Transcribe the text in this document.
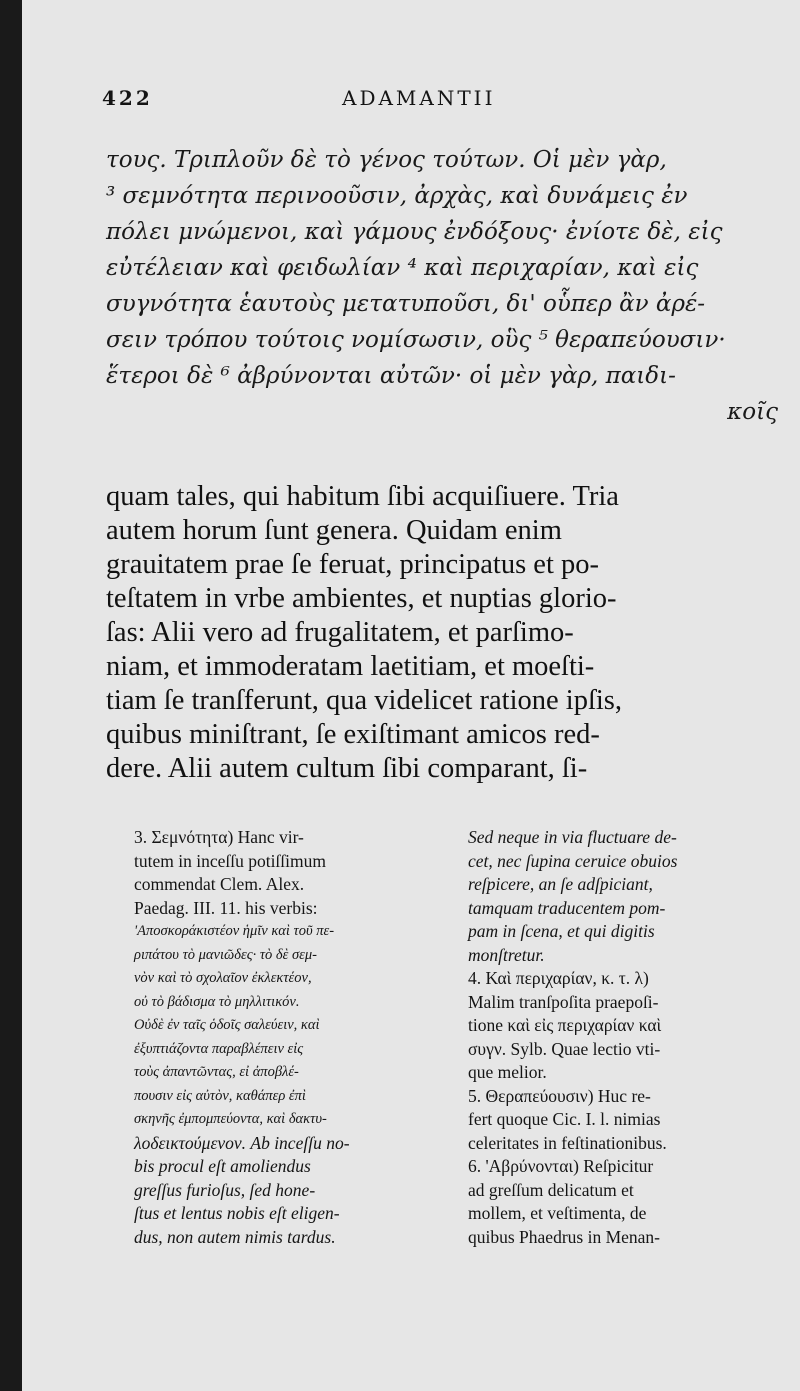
422	ADAMANTII
τους. Τριπλοῦν δὲ τὸ γένος τούτων. Οἱ μὲν γὰρ,
³ σεμνότητα περινοοῦσιν, ἀρχὰς, καὶ δυνάμεις ἐν
πόλει μνώμενοι, καὶ γάμους ἐνδόξους· ἐνίοτε δὲ, εἰς
εὐτέλειαν καὶ φειδωλίαν ⁴ καὶ περιχαρίαν, καὶ εἰς
συγνότητα ἑαυτοὺς μετατυποῦσι, δι' οὗπερ ἂν ἀρέ-
σειν τρόπου τούτοις νομίσωσιν, οὓς ⁵ θεραπεύουσιν·
ἕτεροι δὲ ⁶ ἀβρύνονται αὐτῶν· οἱ μὲν γὰρ, παιδι-
κοῖς
quam tales, qui habitum ſibi acquiſiuere. Tria
autem horum ſunt genera. Quidam enim
grauitatem prae ſe feruat, principatus et po-
teſtatem in vrbe ambientes, et nuptias glorio-
ſas: Alii vero ad frugalitatem, et parſimo-
niam, et immoderatam laetitiam, et moeſti-
tiam ſe tranſferunt, qua videlicet ratione ipſis,
quibus miniſtrant, ſe exiſtimant amicos red-
dere. Alii autem cultum ſibi comparant, ſi-
3. Σεμνότητα) Hanc vir-
tutem in inceſſu potiſſimum
commendat Clem. Alex.
Paedag. III. 11. his verbis:
'Αποσκοράκιστέον ἡμῖν καὶ τοῦ πε-
ριπάτου τὸ μανιῶδες· τὸ δὲ σεμ-
νὸν καὶ τὸ σχολαῖον ἐκλεκτέον,
οὐ τὸ βάδισμα τὸ μηλλιτικόν.
Οὐδὲ ἐν ταῖς ὁδοῖς σαλεύειν, καὶ
ἐξυπτιάζοντα παραβλέπειν εἰς
τοὺς ἀπαντῶντας, εἰ ἀποβλέ-
πουσιν εἰς αὐτὸν, καθάπερ ἐπὶ
σκηνῆς ἐμπομπεύοντα, καὶ δακτυ-
λοδεικτούμενον. Ab inceſſu no-
bis procul eſt amoliendus
greſſus furioſus, ſed hone-
ſtus et lentus nobis eſt eligen-
dus, non autem nimis tardus.
Sed neque in via fluctuare de-
cet, nec ſupina ceruice obuios
reſpicere, an ſe adſpiciant,
tamquam traducentem pom-
pam in ſcena, et qui digitis
monſtretur.
4. Καὶ περιχαρίαν, κ. τ. λ)
Malim tranſpoſita praepoſi-
tione καὶ εἰς περιχαρίαν καὶ
συγν. Sylb. Quae lectio vti-
que melior.
5. Θεραπεύουσιν) Huc re-
fert quoque Cic. I. l. nimias
celeritates in feſtinationibus.
6. 'Αβρύνονται) Reſpicitur
ad greſſum delicatum et
mollem, et veſtimenta, de
quibus Phaedrus in Menan-
